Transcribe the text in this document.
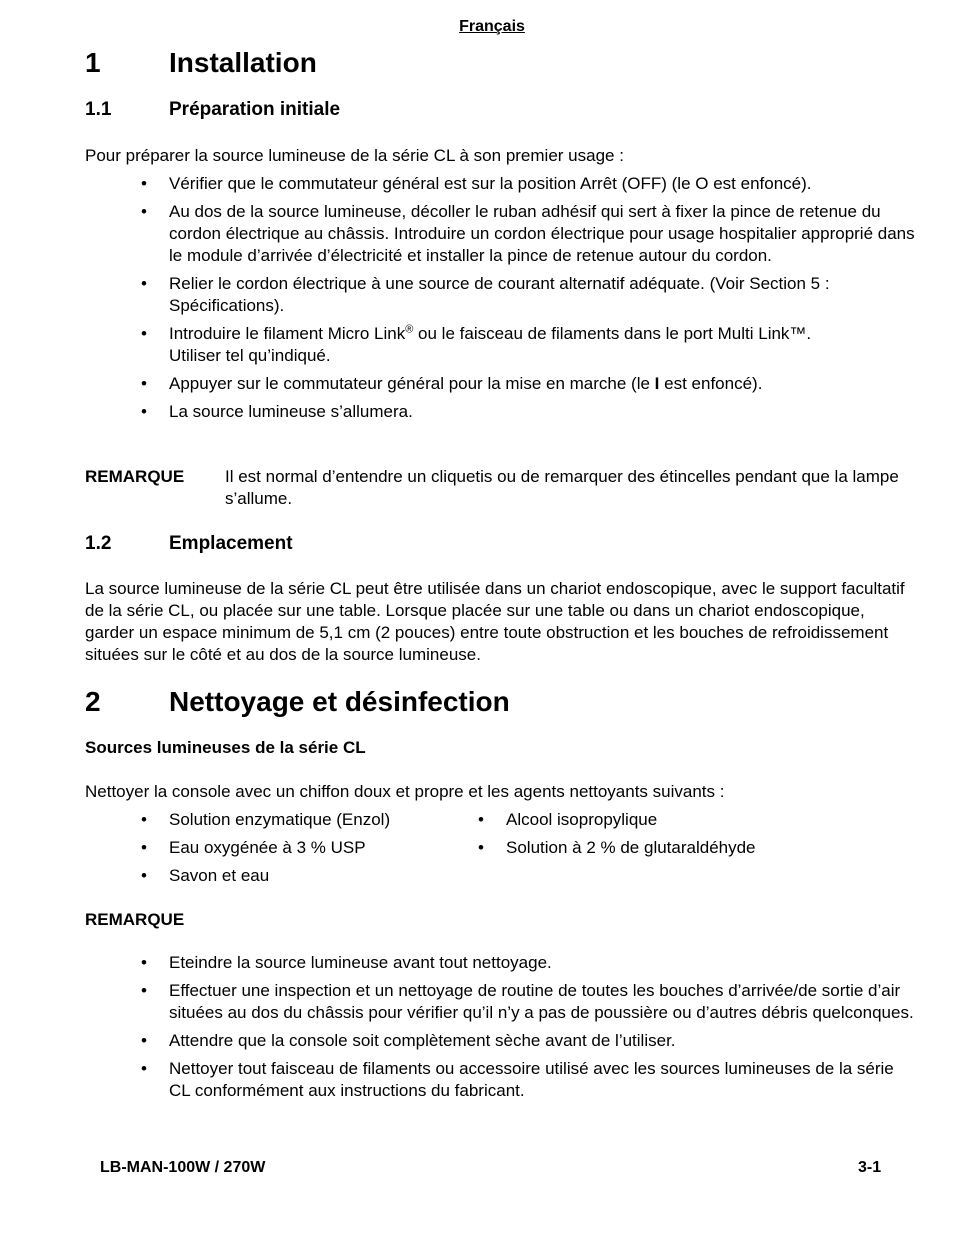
Français
1 Installation
1.1	Préparation initiale
Pour préparer la source lumineuse de la série CL à son premier usage :
• Vérifier que le commutateur général est sur la position Arrêt (OFF) (le O est enfoncé).
• Au dos de la source lumineuse, décoller le ruban adhésif qui sert à fixer la pince de retenue du cordon électrique au châssis. Introduire un cordon électrique pour usage hospitalier approprié dans le module d’arrivée d’électricité et installer la pince de retenue autour du cordon.
• Relier le cordon électrique à une source de courant alternatif adéquate. (Voir Section 5 : Spécifications).
• Introduire le filament Micro Link® ou le faisceau de filaments dans le port Multi Link™.
Utiliser tel qu’indiqué.
• Appuyer sur le commutateur général pour la mise en marche (le I est enfoncé).
• La source lumineuse s’allumera.
REMARQUE Il est normal d’entendre un cliquetis ou de remarquer des étincelles pendant que la lampe s’allume.
1.2	Emplacement
La source lumineuse de la série CL peut être utilisée dans un chariot endoscopique, avec le support facultatif de la série CL, ou placée sur une table. Lorsque placée sur une table ou dans un chariot endoscopique, garder un espace minimum de 5,1 cm (2 pouces) entre toute obstruction et les bouches de refroidissement situées sur le côté et au dos de la source lumineuse.
2 Nettoyage et désinfection
Sources lumineuses de la série CL
Nettoyer la console avec un chiffon doux et propre et les agents nettoyants suivants :
• Solution enzymatique (Enzol)
• Eau oxygénée à 3 % USP
• Savon et eau
• Alcool isopropylique
• Solution à 2 % de glutaraldéhyde
REMARQUE
• Eteindre la source lumineuse avant tout nettoyage.
• Effectuer une inspection et un nettoyage de routine de toutes les bouches d’arrivée/de sortie d’air situées au dos du châssis pour vérifier qu’il n’y a pas de poussière ou d’autres débris quelconques.
• Attendre que la console soit complètement sèche avant de l’utiliser.
• Nettoyer tout faisceau de filaments ou accessoire utilisé avec les sources lumineuses de la série CL conformément aux instructions du fabricant.
LB-MAN-100W / 270W	3-1
